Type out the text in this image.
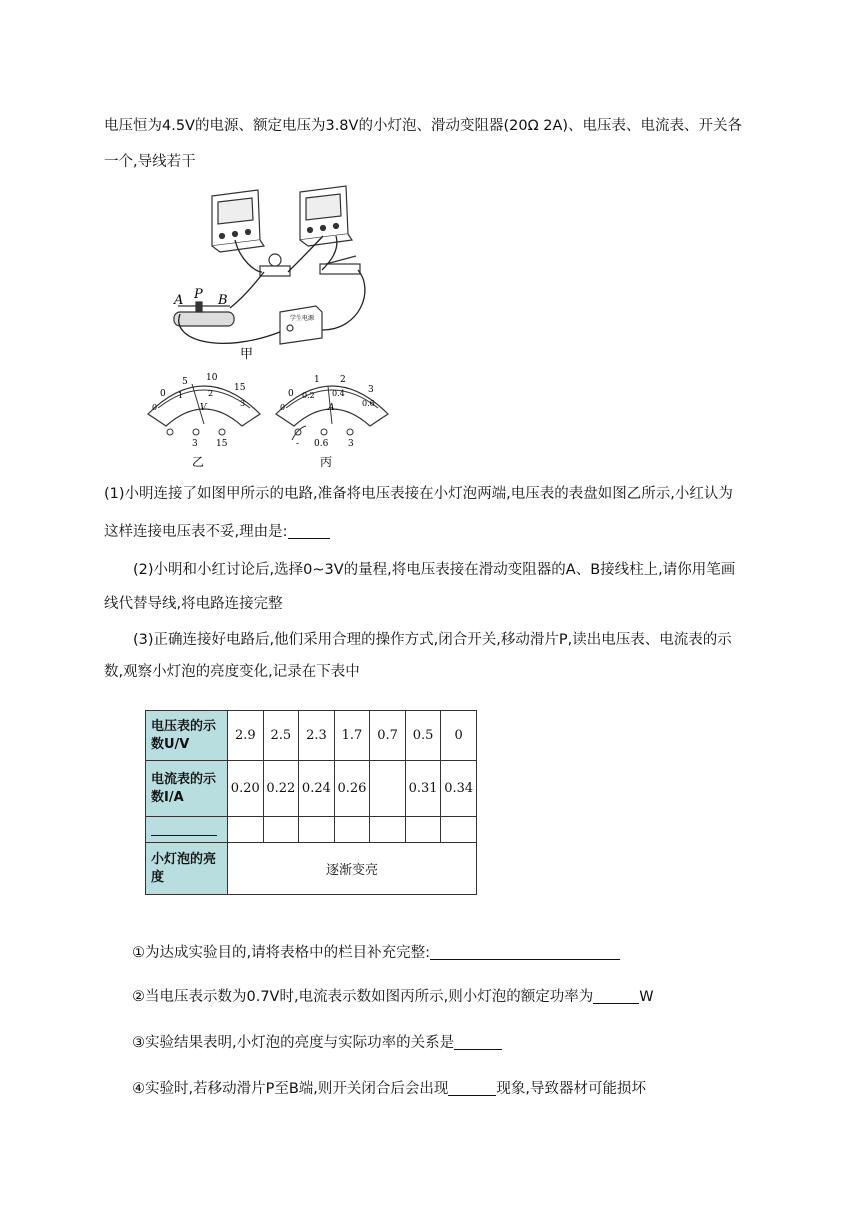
电压恒为4.5V的电源、额定电压为3.8V的小灯泡、滑动变阻器(20Ω 2A)、电压表、电流表、开关各

一个,导线若干

A P B
学生电源
甲
0
5 10
15
0
1	2
3
V
3 15
乙
0
1 2
3
0
0.2 0.4
0.6
A
- 0.6 3
丙

(1)小明连接了如图甲所示的电路,准备将电压表接在小灯泡两端,电压表的表盘如图乙所示,小红认为

这样连接电压表不妥,理由是:

(2)小明和小红讨论后,选择0~3V的量程,将电压表接在滑动变阻器的A、B接线柱上,请你用笔画

线代替导线,将电路连接完整

(3)正确连接好电路后,他们采用合理的操作方式,闭合开关,移动滑片P,读出电压表、电流表的示

数,观察小灯泡的亮度变化,记录在下表中

电压表的示数U/V	2.9	2.5	2.3	1.7	0.7	0.5	0
电流表的示数I/A	0.20	0.22	0.24	0.26		0.31	0.34

小灯泡的亮度	逐渐变亮						

①为达成实验目的,请将表格中的栏目补充完整:

②当电压表示数为0.7V时,电流表示数如图丙所示,则小灯泡的额定功率为	W

③实验结果表明,小灯泡的亮度与实际功率的关系是

④实验时,若移动滑片P至B端,则开关闭合后会出现	现象,导致器材可能损坏
